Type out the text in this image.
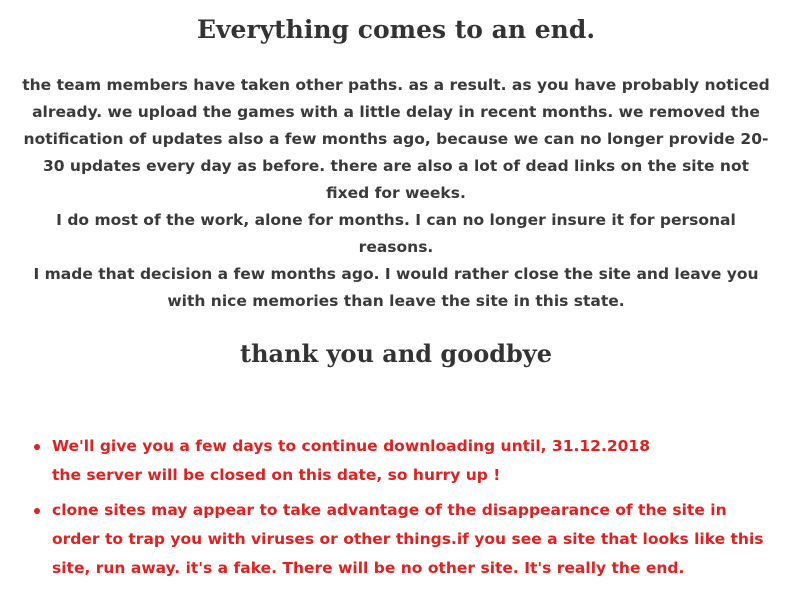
Everything comes to an end.

the team members have taken other paths. as a result. as you have probably noticed already. we upload the games with a little delay in recent months. we removed the notification of updates also a few months ago, because we can no longer provide 20-30 updates every day as before. there are also a lot of dead links on the site not fixed for weeks.

I do most of the work, alone for months. I can no longer insure it for personal reasons.

I made that decision a few months ago. I would rather close the site and leave you with nice memories than leave the site in this state.

thank you and goodbye

We'll give you a few days to continue downloading until, 31.12.2018

the server will be closed on this date, so hurry up !

clone sites may appear to take advantage of the disappearance of the site in order to trap you with viruses or other things.if you see a site that looks like this site, run away. it's a fake. There will be no other site. It's really the end.
